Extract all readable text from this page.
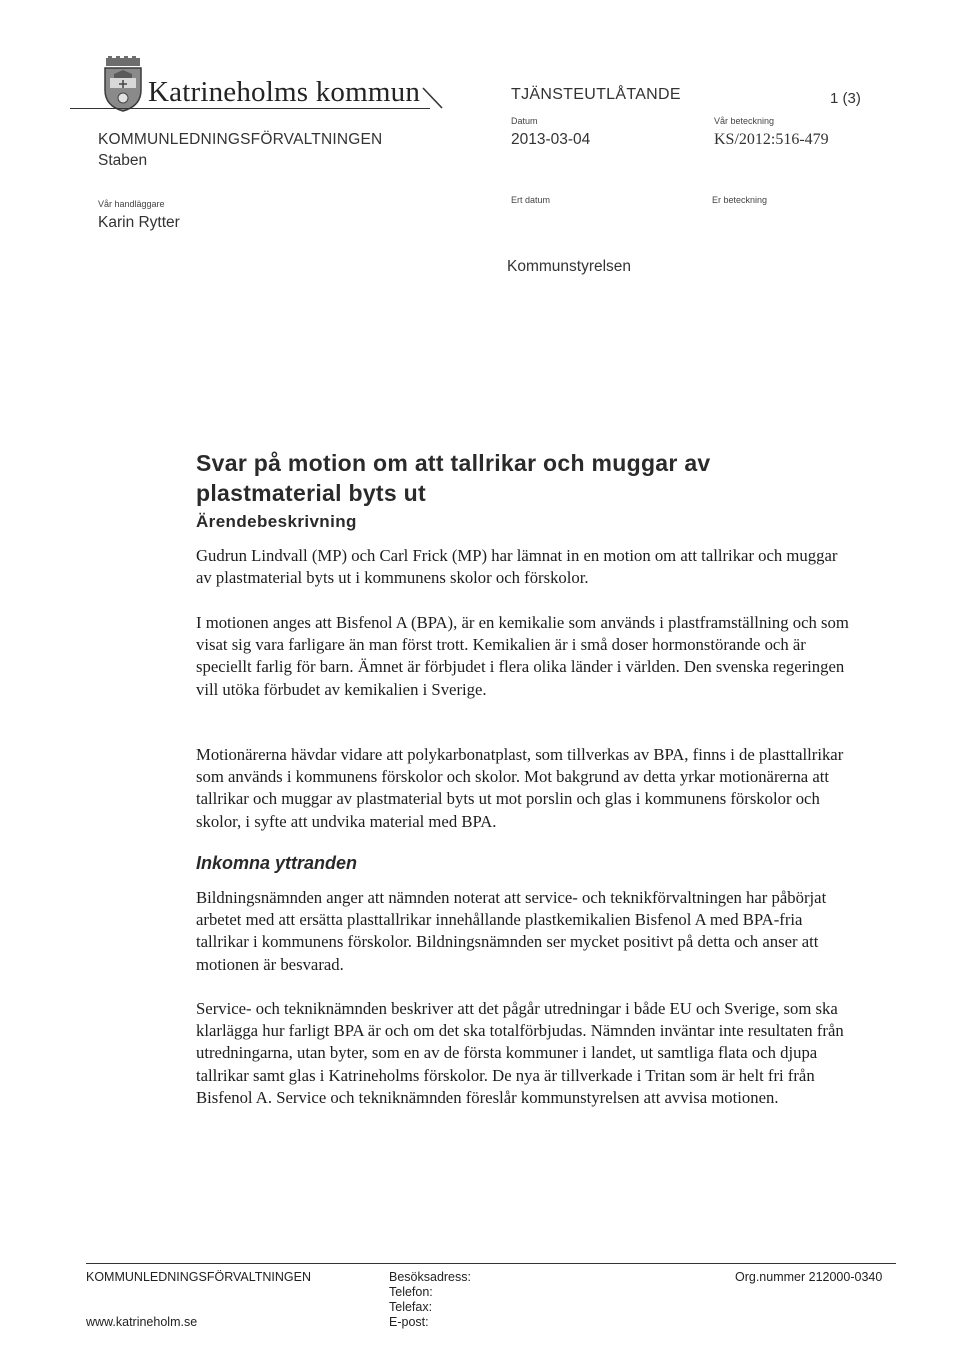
Katrineholms kommun	TJÄNSTEUTLÅTANDE	1 (3)
KOMMUNLEDNINGSFÖRVALTNINGEN
Staben
Datum
2013-03-04
Vår beteckning
KS/2012:516-479
Vår handläggare
Karin Rytter
Ert datum	Er beteckning
Kommunstyrelsen
Svar på motion om att tallrikar och muggar av plastmaterial byts ut
Ärendebeskrivning

Gudrun Lindvall (MP) och Carl Frick (MP) har lämnat in en motion om att tallrikar och muggar av plastmaterial byts ut i kommunens skolor och förskolor.

I motionen anges att Bisfenol A (BPA), är en kemikalie som används i plastframställning och som visat sig vara farligare än man först trott. Kemikalien är i små doser hormonstörande och är speciellt farlig för barn. Ämnet är förbjudet i flera olika länder i världen. Den svenska regeringen vill utöka förbudet av kemikalien i Sverige.

Motionärerna hävdar vidare att polykarbonatplast, som tillverkas av BPA, finns i de plasttallrikar som används i kommunens förskolor och skolor. Mot bakgrund av detta yrkar motionärerna att tallrikar och muggar av plastmaterial byts ut mot porslin och glas i kommunens förskolor och skolor, i syfte att undvika material med BPA.

Inkomna yttranden

Bildningsnämnden anger att nämnden noterat att service- och teknikförvaltningen har påbörjat arbetet med att ersätta plasttallrikar innehållande plastkemikalien Bisfenol A med BPA-fria tallrikar i kommunens förskolor. Bildningsnämnden ser mycket positivt på detta och anser att motionen är besvarad.

Service- och tekniknämnden beskriver att det pågår utredningar i både EU och Sverige, som ska klarlägga hur farligt BPA är och om det ska totalförbjudas. Nämnden inväntar inte resultaten från utredningarna, utan byter, som en av de första kommuner i landet, ut samtliga flata och djupa tallrikar samt glas i Katrineholms förskolor. De nya är tillverkade i Tritan som är helt fri från Bisfenol A. Service och tekniknämnden föreslår kommunstyrelsen att avvisa motionen.

KOMMUNLEDNINGSFÖRVALTNINGEN
www.katrineholm.se
Besöksadress:
Telefon:
Telefax:
E-post:
Org.nummer 212000-0340
